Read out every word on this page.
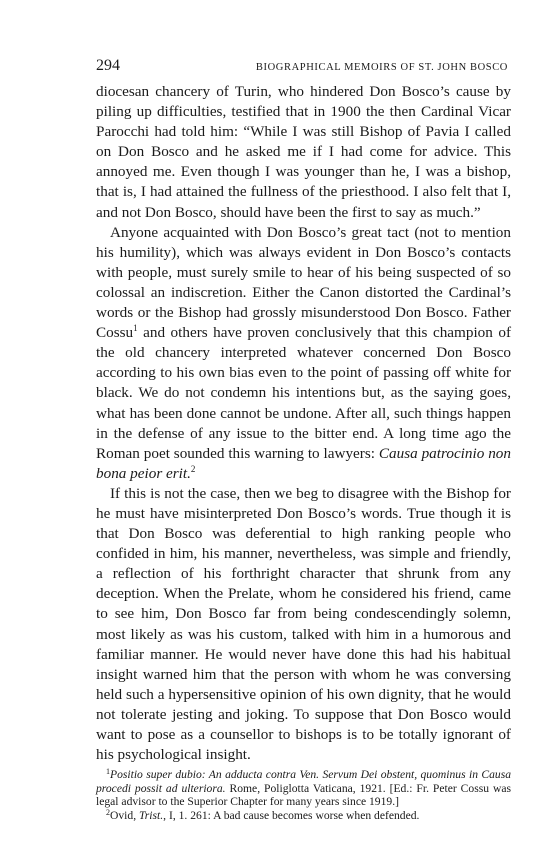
294	BIOGRAPHICAL MEMOIRS OF ST. JOHN BOSCO

diocesan chancery of Turin, who hindered Don Bosco’s cause by piling up difficulties, testified that in 1900 the then Cardinal Vicar Parocchi had told him: “While I was still Bishop of Pavia I called on Don Bosco and he asked me if I had come for advice. This annoyed me. Even though I was younger than he, I was a bishop, that is, I had attained the fullness of the priesthood. I also felt that I, and not Don Bosco, should have been the first to say as much.”

Anyone acquainted with Don Bosco’s great tact (not to mention his humility), which was always evident in Don Bosco’s contacts with people, must surely smile to hear of his being suspected of so colossal an indiscretion. Either the Canon distorted the Cardinal’s words or the Bishop had grossly misunderstood Don Bosco. Father Cossu$^1$ and others have proven conclusively that this champion of the old chancery interpreted whatever concerned Don Bosco according to his own bias even to the point of passing off white for black. We do not condemn his intentions but, as the saying goes, what has been done cannot be undone. After all, such things happen in the defense of any issue to the bitter end. A long time ago the Roman poet sounded this warning to lawyers: Causa patrocinio non bona peior erit.$^2$

If this is not the case, then we beg to disagree with the Bishop for he must have misinterpreted Don Bosco’s words. True though it is that Don Bosco was deferential to high ranking people who confided in him, his manner, nevertheless, was simple and friendly, a reflection of his forthright character that shrunk from any deception. When the Prelate, whom he considered his friend, came to see him, Don Bosco far from being condescendingly solemn, most likely as was his custom, talked with him in a humorous and familiar manner. He would never have done this had his habitual insight warned him that the person with whom he was conversing held such a hypersensitive opinion of his own dignity, that he would not tolerate jesting and joking. To suppose that Don Bosco would want to pose as a counsellor to bishops is to be totally ignorant of his psychological insight.

$^1$Positio super dubio: An adducta contra Ven. Servum Dei obstent, quominus in Causa procedi possit ad ulteriora. Rome, Poliglotta Vaticana, 1921. [Ed.: Fr. Peter Cossu was legal advisor to the Superior Chapter for many years since 1919.]

$^2$Ovid, Trist., I, 1. 261: A bad cause becomes worse when defended.
